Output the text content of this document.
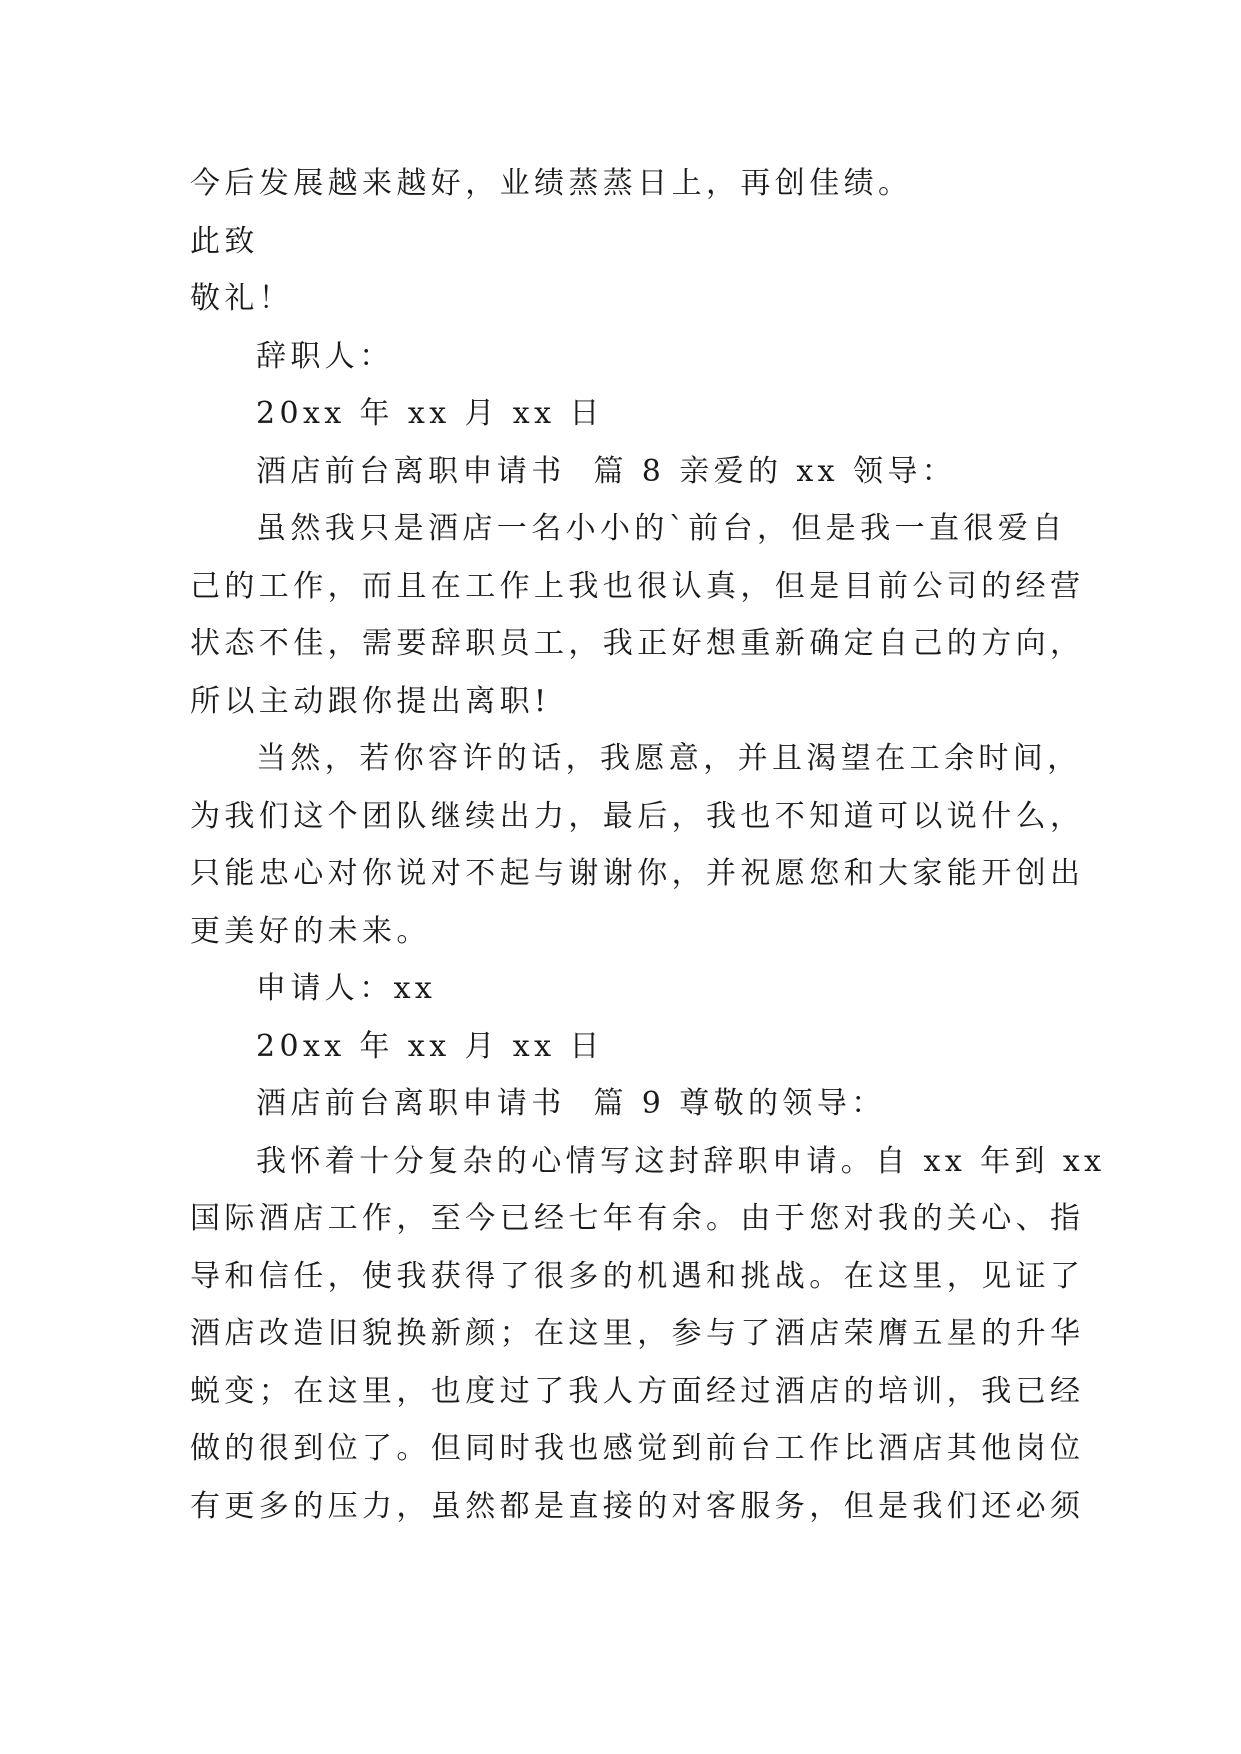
今后发展越来越好，业绩蒸蒸日上，再创佳绩。
此致
敬礼！
辞职人：
20xx 年 xx 月 xx 日
酒店前台离职申请书  篇 8 亲爱的 xx 领导：
虽然我只是酒店一名小小的`前台，但是我一直很爱自
己的工作，而且在工作上我也很认真，但是目前公司的经营
状态不佳，需要辞职员工，我正好想重新确定自己的方向，
所以主动跟你提出离职!
当然，若你容许的话，我愿意，并且渴望在工余时间，
为我们这个团队继续出力，最后，我也不知道可以说什么，
只能忠心对你说对不起与谢谢你，并祝愿您和大家能开创出
更美好的未来。
申请人：xx
20xx 年 xx 月 xx 日
酒店前台离职申请书  篇 9 尊敬的领导：
我怀着十分复杂的心情写这封辞职申请。自 xx 年到 xx
国际酒店工作，至今已经七年有余。由于您对我的关心、指
导和信任，使我获得了很多的机遇和挑战。在这里，见证了
酒店改造旧貌换新颜；在这里，参与了酒店荣膺五星的升华
蜕变；在这里，也度过了我人方面经过酒店的培训，我已经
做的很到位了。但同时我也感觉到前台工作比酒店其他岗位
有更多的压力，虽然都是直接的对客服务，但是我们还必须
